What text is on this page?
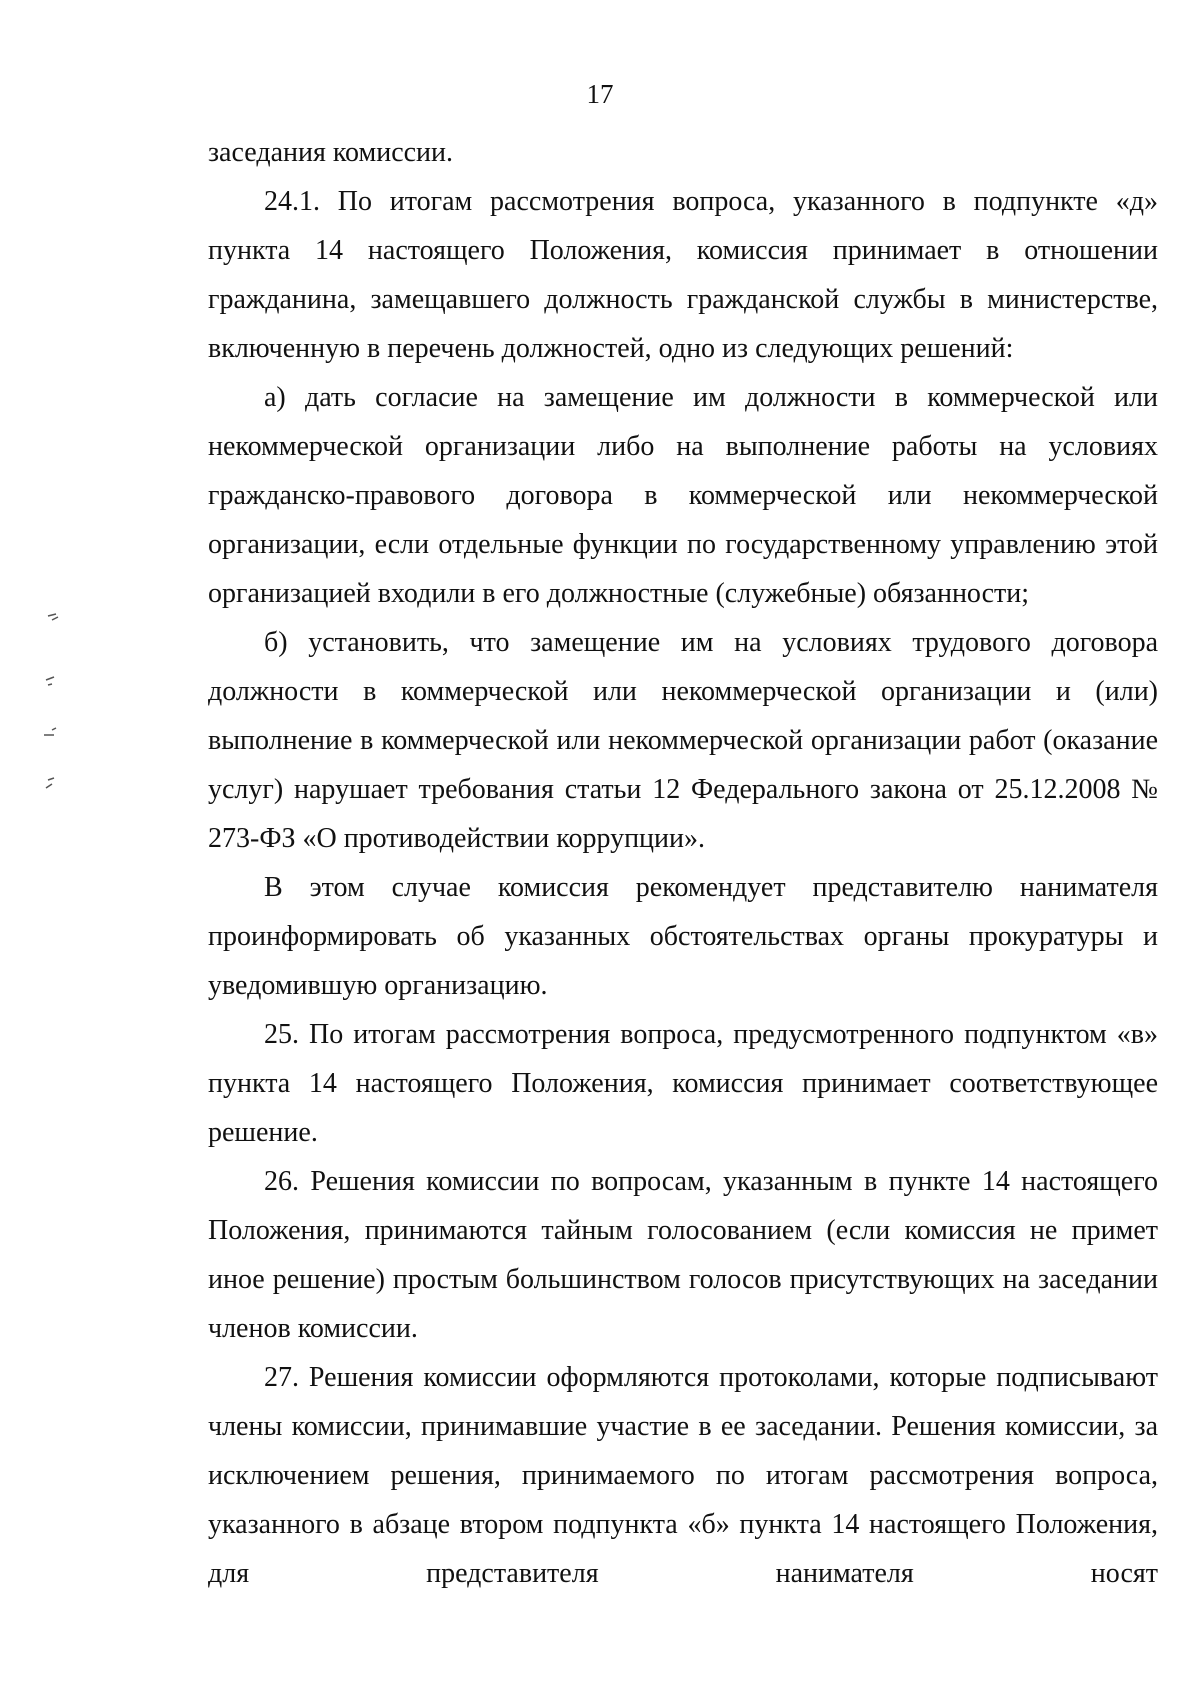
17

заседания комиссии.

24.1. По итогам рассмотрения вопроса, указанного в подпункте «д» пункта 14 настоящего Положения, комиссия принимает в отношении гражданина, замещавшего должность гражданской службы в министерстве, включенную в перечень должностей, одно из следующих решений:

а) дать согласие на замещение им должности в коммерческой или некоммерческой организации либо на выполнение работы на условиях гражданско-правового договора в коммерческой или некоммерческой организации, если отдельные функции по государственному управлению этой организацией входили в его должностные (служебные) обязанности;

б) установить, что замещение им на условиях трудового договора должности в коммерческой или некоммерческой организации и (или) выполнение в коммерческой или некоммерческой организации работ (оказание услуг) нарушает требования статьи 12 Федерального закона от 25.12.2008 № 273-ФЗ «О противодействии коррупции».

В этом случае комиссия рекомендует представителю нанимателя проинформировать об указанных обстоятельствах органы прокуратуры и уведомившую организацию.

25. По итогам рассмотрения вопроса, предусмотренного подпунктом «в» пункта 14 настоящего Положения, комиссия принимает соответствующее решение.

26. Решения комиссии по вопросам, указанным в пункте 14 настоящего Положения, принимаются тайным голосованием (если комиссия не примет иное решение) простым большинством голосов присутствующих на заседании членов комиссии.

27. Решения комиссии оформляются протоколами, которые подписывают члены комиссии, принимавшие участие в ее заседании. Решения комиссии, за исключением решения, принимаемого по итогам рассмотрения вопроса, указанного в абзаце втором подпункта «б» пункта 14 настоящего Положения, для представителя нанимателя носят
